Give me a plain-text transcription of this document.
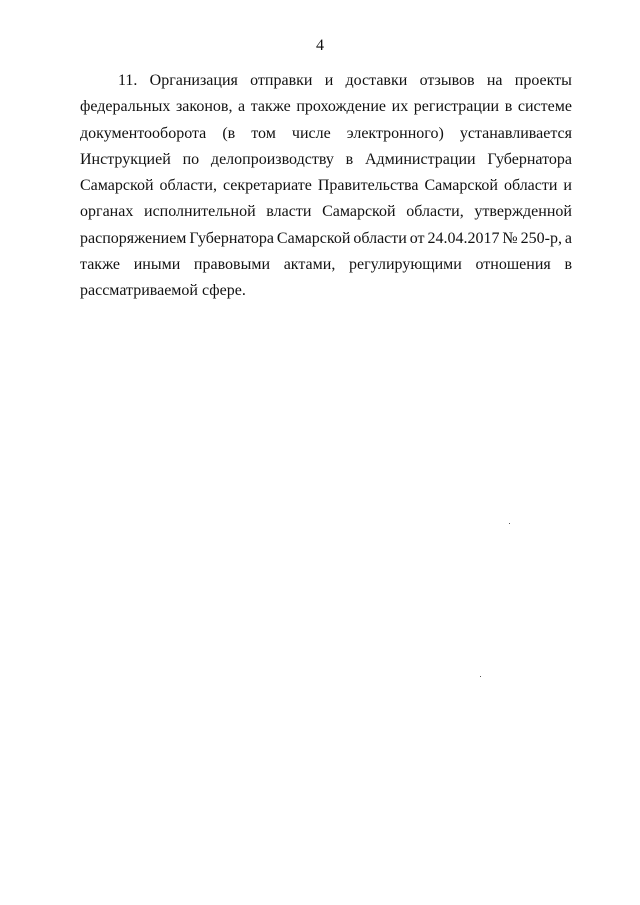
4
11. Организация отправки и доставки отзывов на проекты
федеральных законов, а также прохождение их регистрации в системе
документооборота (в том числе электронного) устанавливается
Инструкцией по делопроизводству в Администрации Губернатора
Самарской области, секретариате Правительства Самарской области и
органах исполнительной власти Самарской области, утвержденной
распоряжением Губернатора Самарской области от 24.04.2017 № 250-р, а
также иными правовыми актами, регулирующими отношения в
рассматриваемой сфере.
